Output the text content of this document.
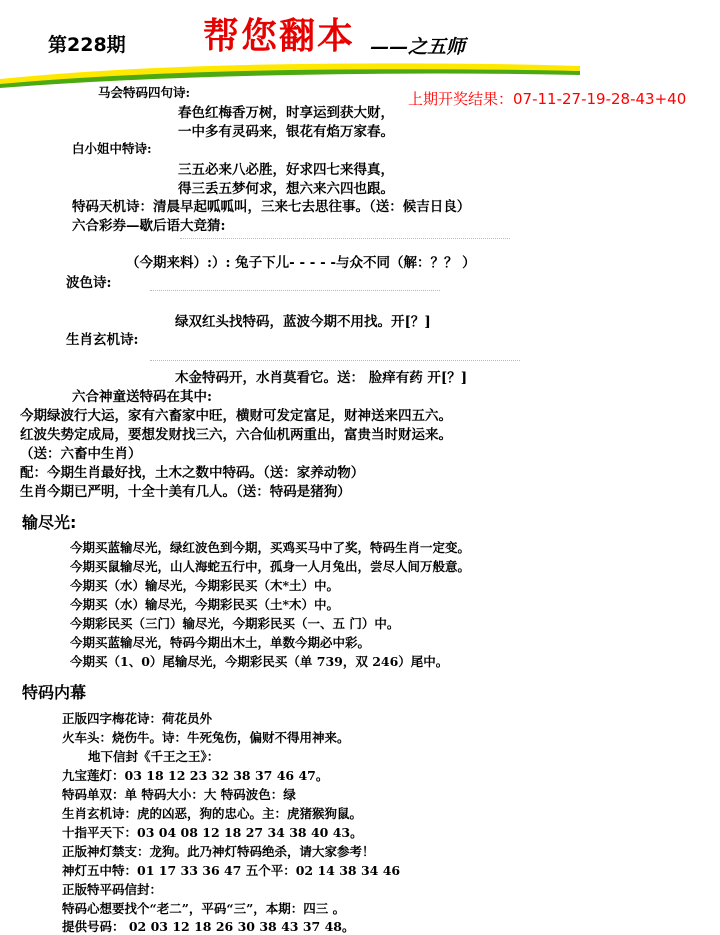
第228期 帮您翻本 ——之五师
上期开奖结果：07-11-27-19-28-43+40
马会特码四句诗:
春色红梅香万树，时享运到获大财，
一中多有灵码来，银花有焰万家春。
白小姐中特诗:
三五必来八必胜，好求四七来得真，
得三丢五梦何求，想六来六四也跟。
特码天机诗：清晨早起呱呱叫，三来七去思往事。（送：候吉日良）
六合彩券—歇后语大竞猜:
（今期来料）:）: 兔子下儿- - - - -与众不同（解：？？ ）
波色诗:
绿双红头找特码，蓝波今期不用找。开[？]
生肖玄机诗:
木金特码开，水肖莫看它。送： 脸痒有药 开[？]
六合神童送特码在其中:
今期绿波行大运，家有六畜家中旺，横财可发定富足，财神送来四五六。
红波失势定成局，要想发财找三六，六合仙机两重出，富贵当时财运来。
（送：六畜中生肖）
配：今期生肖最好找，土木之数中特码。（送：家养动物）
生肖今期已严明，十全十美有几人。（送：特码是猪狗）
输尽光:
今期买蓝输尽光，绿红波色到今期，买鸡买马中了奖，特码生肖一定变。
今期买鼠输尽光，山人海蛇五行中，孤身一人月兔出，尝尽人间万般意。
今期买（水）输尽光，今期彩民买（木*土）中。
今期买（水）输尽光，今期彩民买（土*木）中。
今期彩民买（三门）输尽光，今期彩民买（一、五 门）中。
今期买蓝输尽光，特码今期出木土，单数今期必中彩。
今期买（1、0）尾输尽光，今期彩民买（单 739，双 246）尾中。
特码内幕
正版四字梅花诗：荷花员外
火车头：烧伤牛。诗：牛死兔伤，偏财不得用神来。
地下信封《千王之王》：
九宝莲灯：03 18 12 23 32 38 37 46 47。
特码单双：单 特码大小：大 特码波色：绿
生肖玄机诗：虎的凶恶，狗的忠心。主：虎猪猴狗鼠。
十指平天下：03 04 08 12 18 27 34 38 40 43。
正版神灯禁支：龙狗。此乃神灯特码绝杀，请大家参考！
神灯五中特：01 17 33 36 47 五个平：02 14 38 34 46
正版特平码信封：
特码心想要找个“老二”，平码“三”，本期：四三 。
提供号码： 02 03 12 18 26 30 38 43 37 48。
